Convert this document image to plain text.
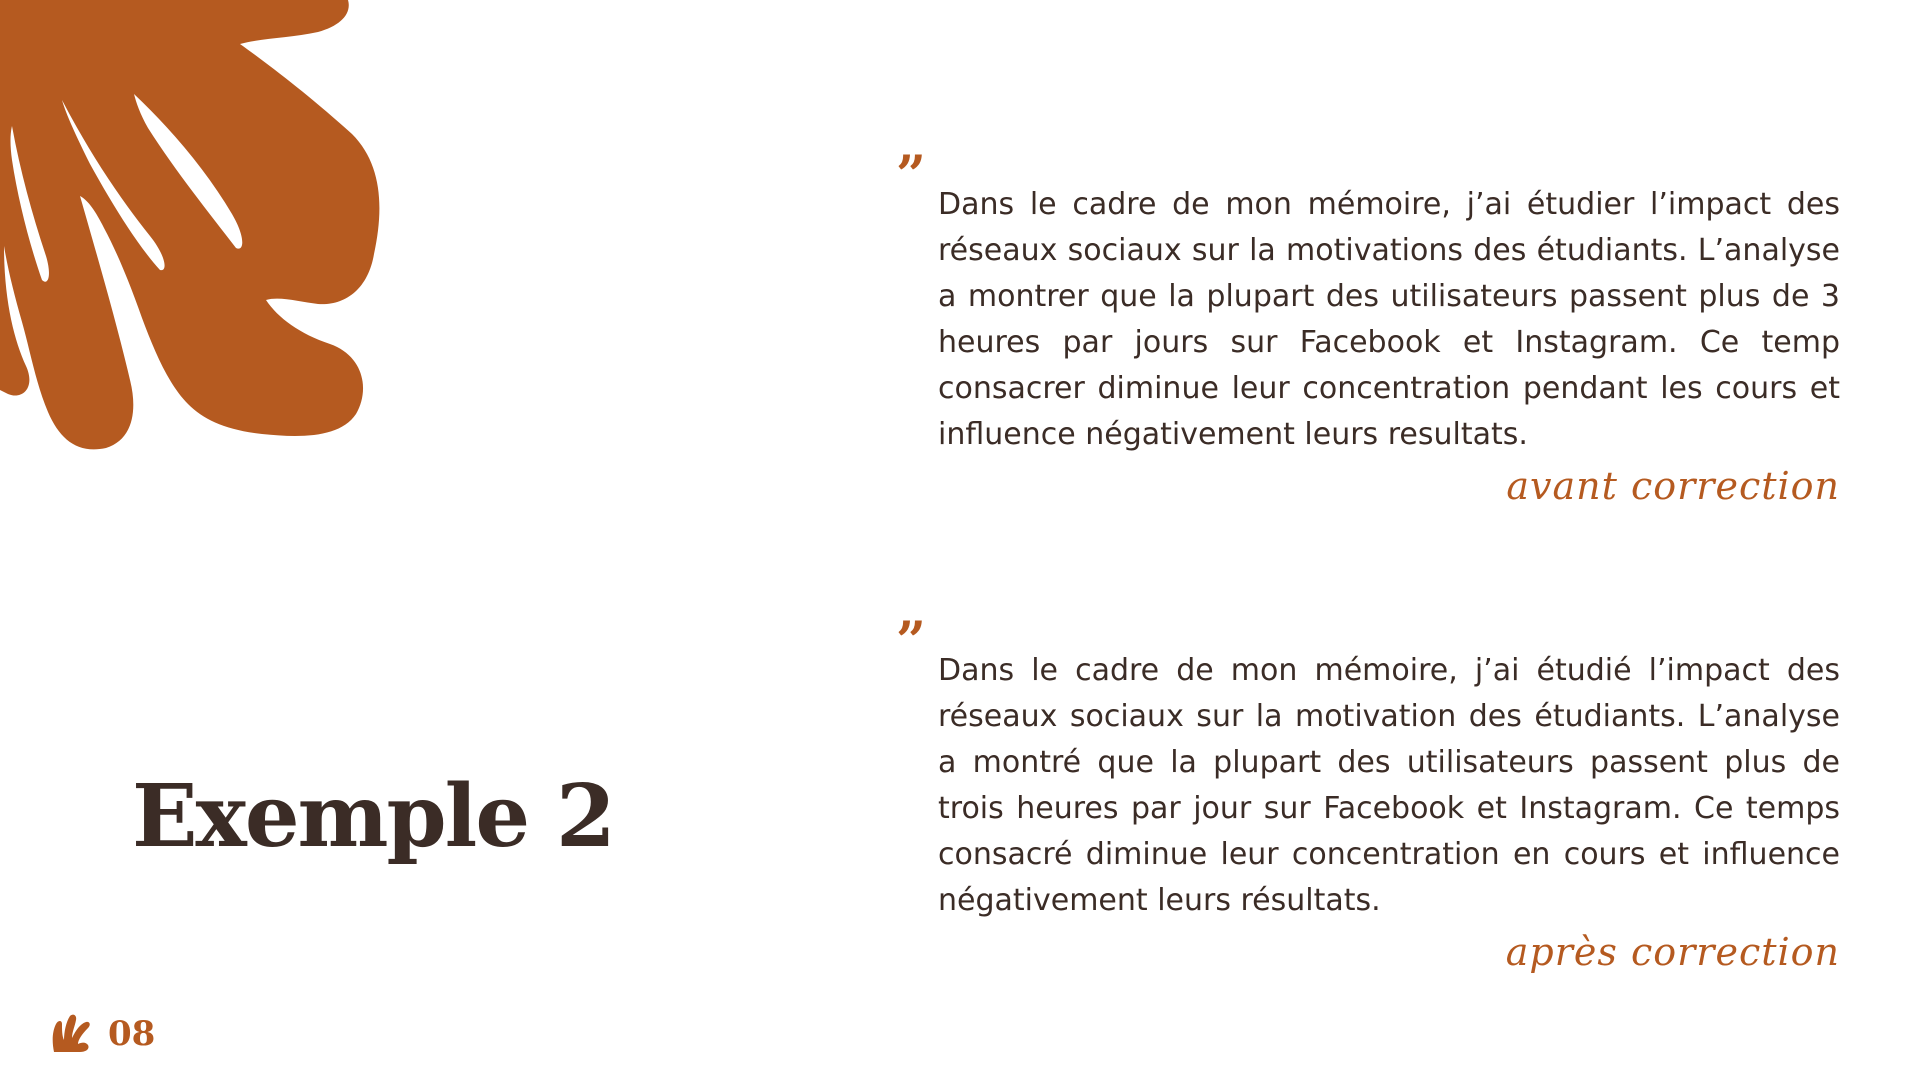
Exemple 2
” Dans le cadre de mon mémoire, j’ai étudier l’impact des réseaux sociaux sur la motivations des étudiants. L’analyse a montrer que la plupart des utilisateurs passent plus de 3 heures par jours sur Facebook et Instagram. Ce temp consacrer diminue leur concentration pendant les cours et influence négativement leurs resultats.

avant correction
” Dans le cadre de mon mémoire, j’ai étudié l’impact des réseaux sociaux sur la motivation des étudiants. L’analyse a montré que la plupart des utilisateurs passent plus de trois heures par jour sur Facebook et Instagram. Ce temps consacré diminue leur concentration en cours et influence négativement leurs résultats.

après correction
08
